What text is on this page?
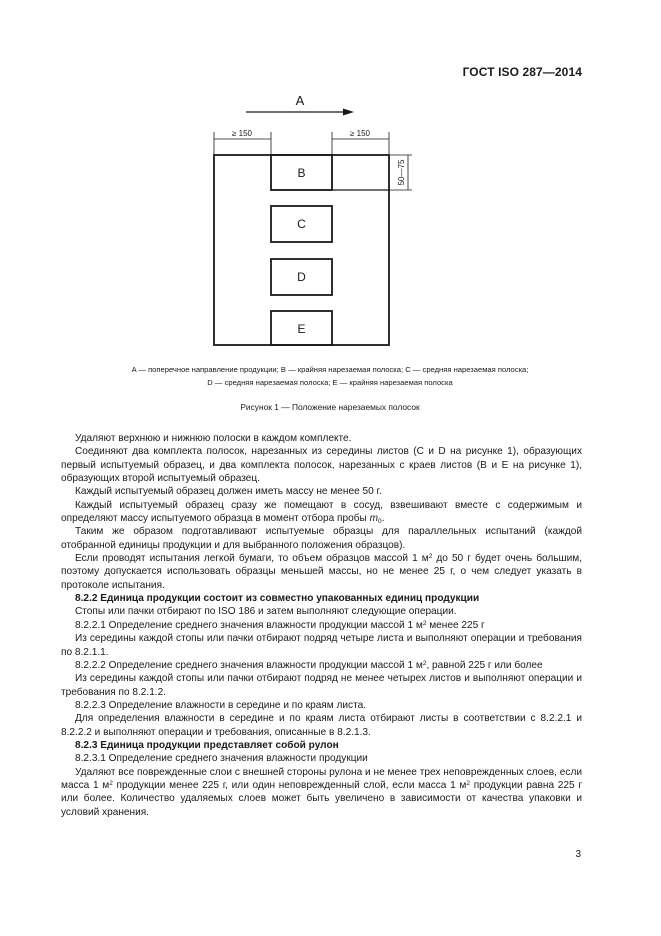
ГОСТ ISO 287—2014
A
≥ 150	≥ 150
50—75
B
C
D
E
A — поперечное направление продукции; B — крайняя нарезаемая полоска; C — средняя нарезаемая полоска;
D — средняя нарезаемая полоска; E — крайняя нарезаемая полоска
Рисунок 1 — Положение нарезаемых полосок

Удаляют верхнюю и нижнюю полоски в каждом комплекте.

Соединяют два комплекта полосок, нарезанных из середины листов (C и D на рисунке 1), образующих первый испытуемый образец, и два комплекта полосок, нарезанных с краев листов (B и E на рисунке 1), образующих второй испытуемый образец.

Каждый испытуемый образец должен иметь массу не менее 50 г.

Каждый испытуемый образец сразу же помещают в сосуд, взвешивают вместе с содержимым и определяют массу испытуемого образца в момент отбора пробы $m_0$.

Таким же образом подготавливают испытуемые образцы для параллельных испытаний (каждой отобранной единицы продукции и для выбранного положения образцов).

Если проводят испытания легкой бумаги, то объем образцов массой 1 $м^2$ до 50 г будет очень большим, поэтому допускается использовать образцы меньшей массы, но не менее 25 г, о чем следует указать в протоколе испытания.

8.2.2 Единица продукции состоит из совместно упакованных единиц продукции

Стопы или пачки отбирают по ISO 186 и затем выполняют следующие операции.

8.2.2.1 Определение среднего значения влажности продукции массой 1 $м^2$ менее 225 г

Из середины каждой стопы или пачки отбирают подряд четыре листа и выполняют операции и требования по 8.2.1.1.

8.2.2.2 Определение среднего значения влажности продукции массой 1 $м^2$, равной 225 г или более

Из середины каждой стопы или пачки отбирают подряд не менее четырех листов и выполняют операции и требования по 8.2.1.2.

8.2.2.3 Определение влажности в середине и по краям листа.

Для определения влажности в середине и по краям листа отбирают листы в соответствии с 8.2.2.1 и 8.2.2.2 и выполняют операции и требования, описанные в 8.2.1.3.

8.2.3 Единица продукции представляет собой рулон

8.2.3.1 Определение среднего значения влажности продукции

Удаляют все поврежденные слои с внешней стороны рулона и не менее трех неповрежденных слоев, если масса 1 $м^2$ продукции менее 225 г, или один неповрежденный слой, если масса 1 $м^2$ продукции равна 225 г или более. Количество удаляемых слоев может быть увеличено в зависимости от качества упаковки и условий хранения.

3
